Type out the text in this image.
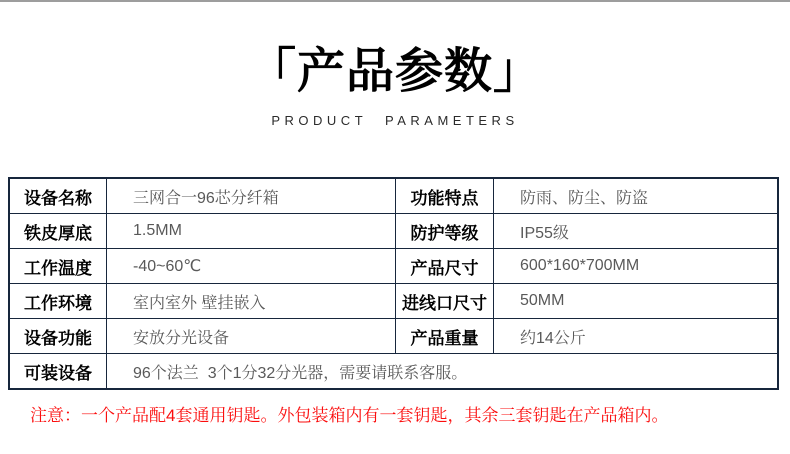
「产品参数」
PRODUCT PARAMETERS
设备名称	三网合一96芯分纤箱	功能特点	防雨、防尘、防盗
铁皮厚底	1.5MM	防护等级	IP55级
工作温度	-40~60℃	产品尺寸	600*160*700MM
工作环境	室内室外 壁挂嵌入	进线口尺寸	50MM
设备功能	安放分光设备	产品重量	约14公斤
可装设备	96个法兰  3个1分32分光器，需要请联系客服。
注意：一个产品配4套通用钥匙。外包装箱内有一套钥匙，其余三套钥匙在产品箱内。
